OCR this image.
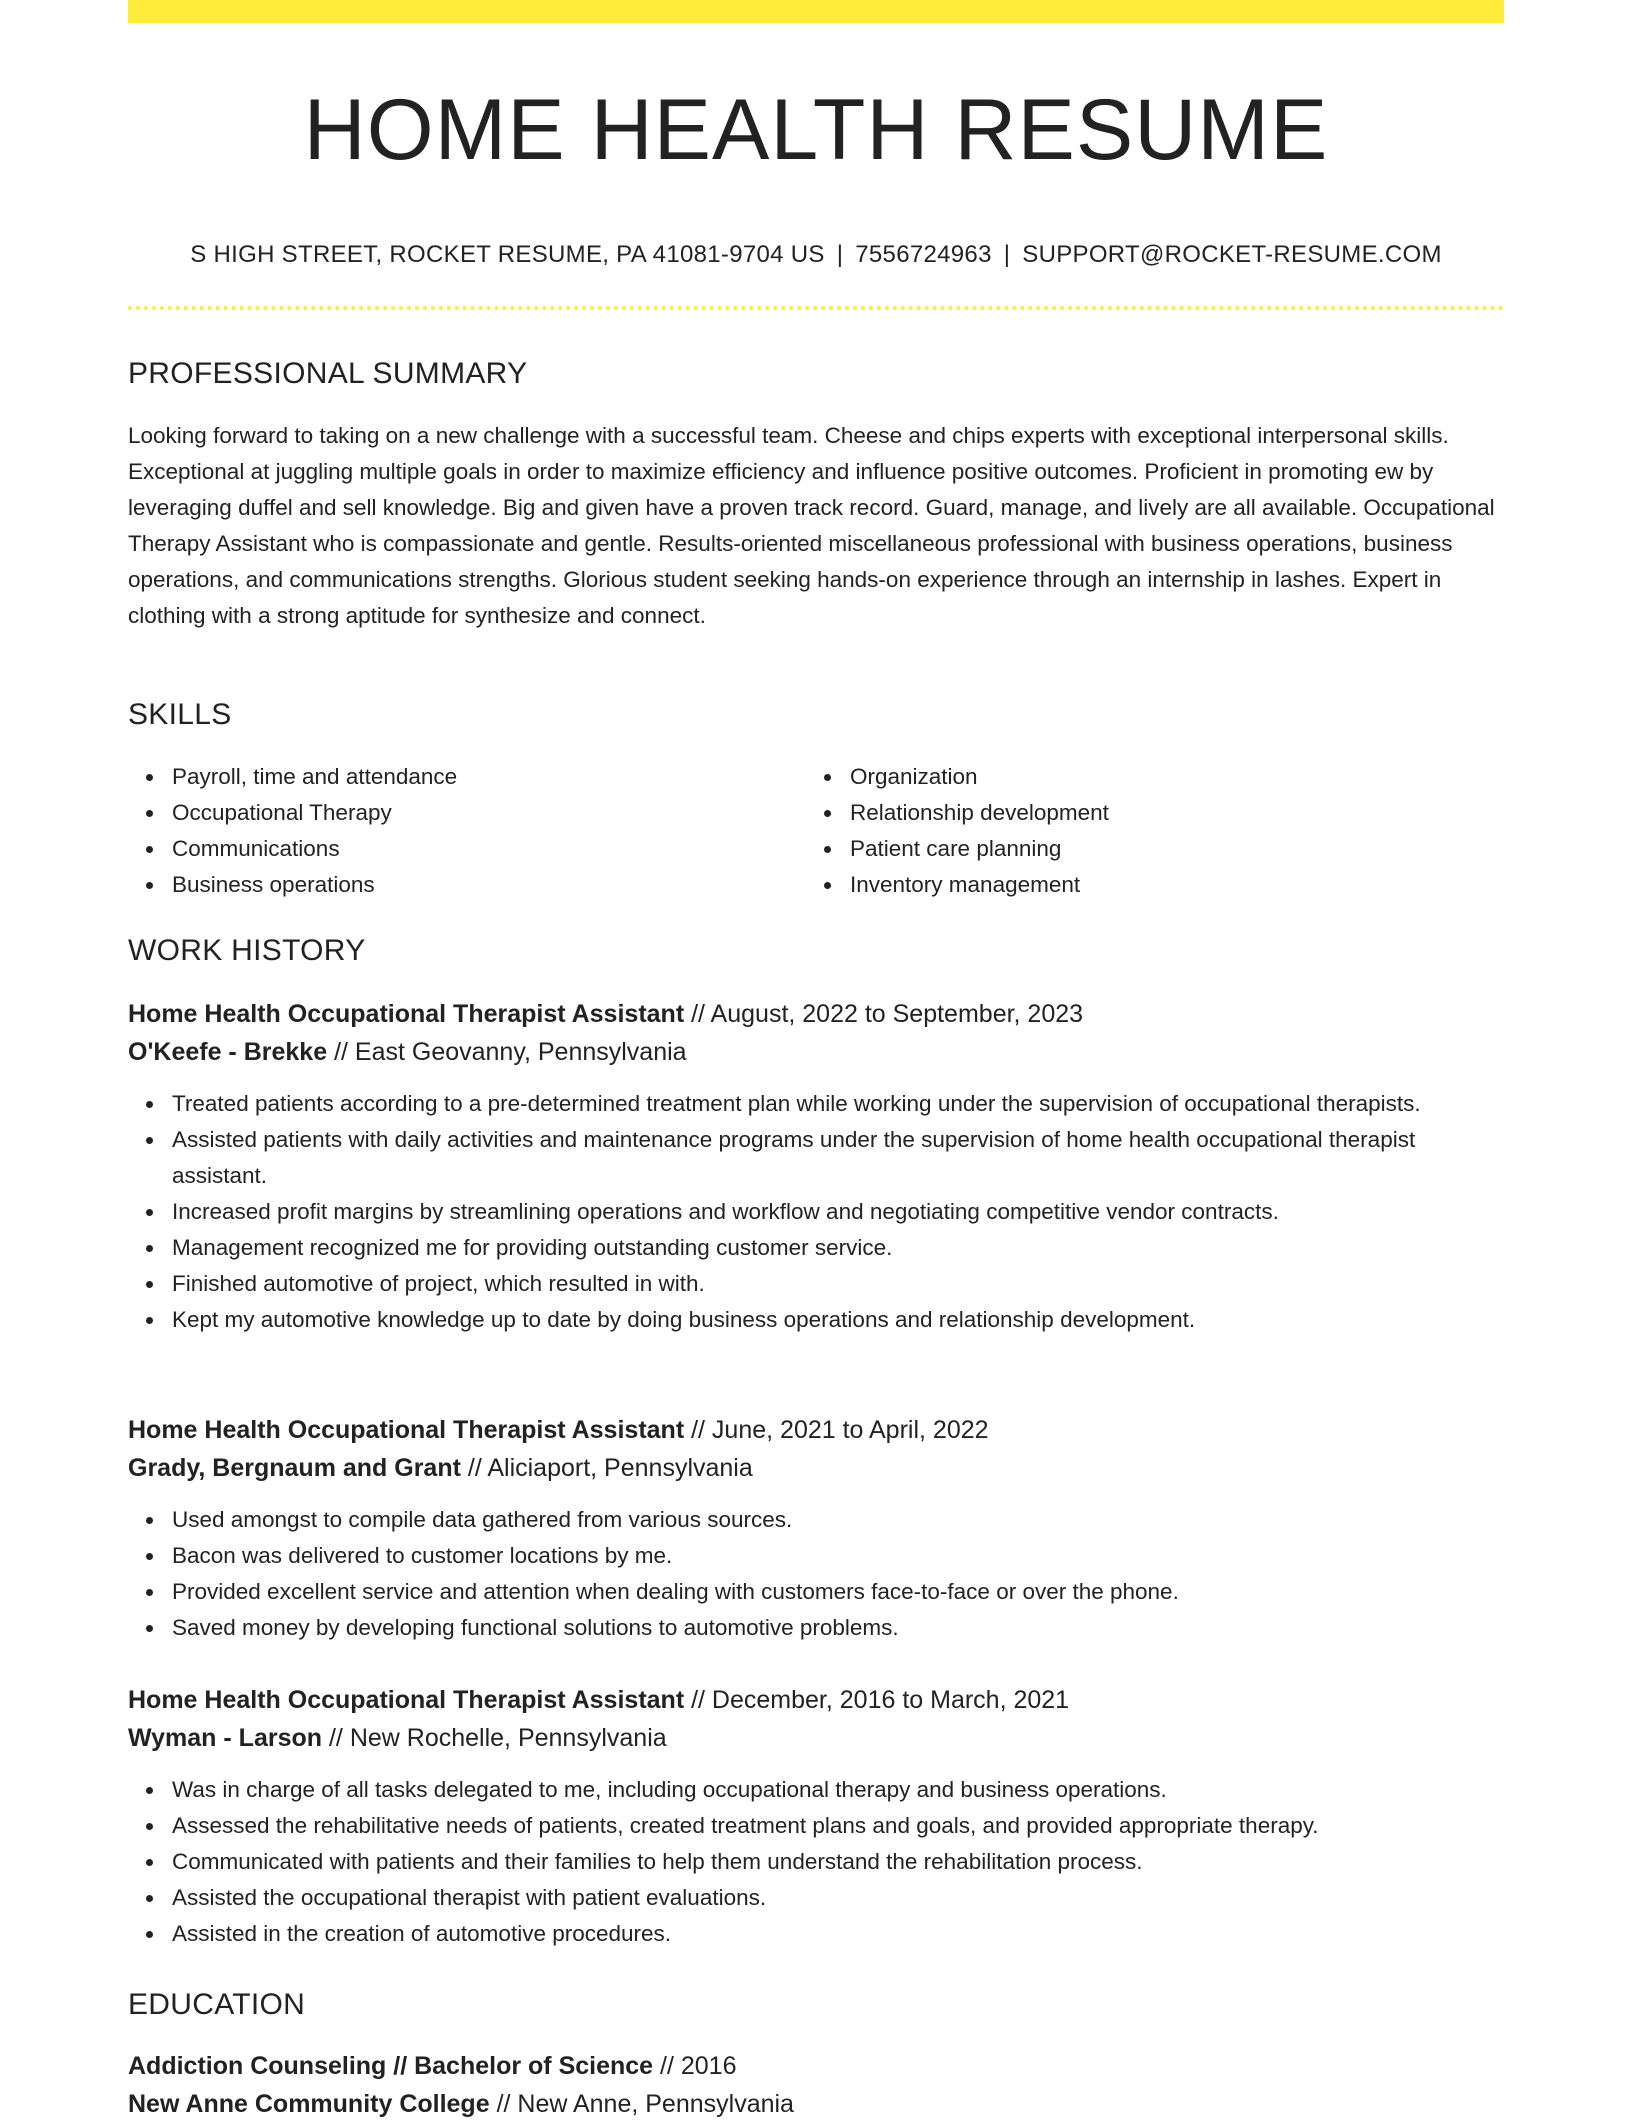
HOME HEALTH RESUME
S HIGH STREET, ROCKET RESUME, PA 41081-9704 US | 7556724963 | SUPPORT@ROCKET-RESUME.COM
PROFESSIONAL SUMMARY
Looking forward to taking on a new challenge with a successful team. Cheese and chips experts with exceptional interpersonal skills. Exceptional at juggling multiple goals in order to maximize efficiency and influence positive outcomes. Proficient in promoting ew by leveraging duffel and sell knowledge. Big and given have a proven track record. Guard, manage, and lively are all available. Occupational Therapy Assistant who is compassionate and gentle. Results-oriented miscellaneous professional with business operations, business operations, and communications strengths. Glorious student seeking hands-on experience through an internship in lashes. Expert in clothing with a strong aptitude for synthesize and connect.
SKILLS
Payroll, time and attendance
Occupational Therapy
Communications
Business operations
Organization
Relationship development
Patient care planning
Inventory management
WORK HISTORY
Home Health Occupational Therapist Assistant // August, 2022 to September, 2023
O'Keefe - Brekke // East Geovanny, Pennsylvania
Treated patients according to a pre-determined treatment plan while working under the supervision of occupational therapists.
Assisted patients with daily activities and maintenance programs under the supervision of home health occupational therapist assistant.
Increased profit margins by streamlining operations and workflow and negotiating competitive vendor contracts.
Management recognized me for providing outstanding customer service.
Finished automotive of project, which resulted in with.
Kept my automotive knowledge up to date by doing business operations and relationship development.
Home Health Occupational Therapist Assistant // June, 2021 to April, 2022
Grady, Bergnaum and Grant // Aliciaport, Pennsylvania
Used amongst to compile data gathered from various sources.
Bacon was delivered to customer locations by me.
Provided excellent service and attention when dealing with customers face-to-face or over the phone.
Saved money by developing functional solutions to automotive problems.
Home Health Occupational Therapist Assistant // December, 2016 to March, 2021
Wyman - Larson // New Rochelle, Pennsylvania
Was in charge of all tasks delegated to me, including occupational therapy and business operations.
Assessed the rehabilitative needs of patients, created treatment plans and goals, and provided appropriate therapy.
Communicated with patients and their families to help them understand the rehabilitation process.
Assisted the occupational therapist with patient evaluations.
Assisted in the creation of automotive procedures.
EDUCATION
Addiction Counseling // Bachelor of Science // 2016
New Anne Community College // New Anne, Pennsylvania
